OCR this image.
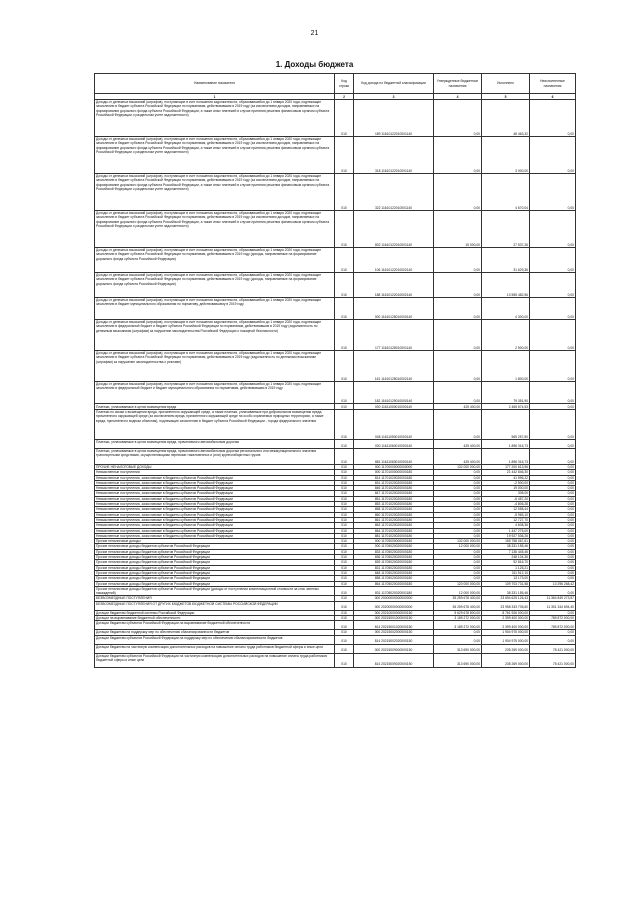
21
1. Доходы бюджета
Наименование показателя	Код строки	Код дохода по бюджетной классификации	Утвержденные бюджетные назначения	Исполнено	Неисполненные назначения
1	2	3	4	5	6
Доходы от денежных взысканий (штрафов), поступающие в счет погашения задолженности, образовавшейся до 1 января 2020 года, подлежащие зачислению в бюджет субъекта Российской Федерации по нормативам, действовавшим в 2019 году (за исключением доходов, направляемых на формирование дорожного фонда субъекта Российской Федерации, а также иных платежей в случае принятия решения финансовым органом субъекта Российской Федерации о раздельном учете задолженности)	010	189 11610122010001140	0,00	48 463,32	0,00
Доходы от денежных взысканий (штрафов), поступающие в счет погашения задолженности, образовавшейся до 1 января 2020 года, подлежащие зачислению в бюджет субъекта Российской Федерации по нормативам, действовавшим в 2019 году (за исключением доходов, направляемых на формирование дорожного фонда субъекта Российской Федерации, а также иных платежей в случае принятия решения финансовым органом субъекта Российской Федерации о раздельном учете задолженности)	010	318 11610122010001140	0,00	3 000,00	0,00
Доходы от денежных взысканий (штрафов), поступающие в счет погашения задолженности, образовавшейся до 1 января 2020 года, подлежащие зачислению в бюджет субъекта Российской Федерации по нормативам, действовавшим в 2019 году (за исключением доходов, направляемых на формирование дорожного фонда субъекта Российской Федерации, а также иных платежей в случае принятия решения финансовым органом субъекта Российской Федерации о раздельном учете задолженности)	010	322 11610122010001140	0,00	4 670,04	0,00
Доходы от денежных взысканий (штрафов), поступающие в счет погашения задолженности, образовавшейся до 1 января 2020 года, подлежащие зачислению в бюджет субъекта Российской Федерации по нормативам, действовавшим в 2019 году (за исключением доходов, направляемых на формирование дорожного фонда субъекта Российской Федерации, а также иных платежей в случае принятия решения финансовым органом субъекта Российской Федерации о раздельном учете задолженности)	010	802 11610122010001140	15 000,00	27 537,26	0,00
Доходы от денежных взысканий (штрафов), поступающие в счет погашения задолженности, образовавшейся до 1 января 2020 года, подлежащие зачислению в бюджет субъекта Российской Федерации по нормативам, действовавшим в 2019 году (доходы, направляемые на формирование дорожного фонда субъекта Российской Федерации)	010	106 11610122010002140	0,00	31 629,36	0,00
Доходы от денежных взысканий (штрафов), поступающие в счет погашения задолженности, образовавшейся до 1 января 2020 года, подлежащие зачислению в бюджет субъекта Российской Федерации по нормативам, действовавшим в 2019 году (доходы, направляемые на формирование дорожного фонда субъекта Российской Федерации)	010	188 11610122010002140	0,00	13 555 482,56	0,00
Доходы от денежных взысканий (штрафов), поступающие в счет погашения задолженности, образовавшейся до 1 января 2020 года, подлежащие зачислению в бюджет муниципального образования по нормативу, действовавшему в 2019 году	010	000 11610128010000140	0,00	4 300,00	0,00
Доходы от денежных взысканий (штрафов), поступающие в счет погашения задолженности, образовавшейся до 1 января 2020 года, подлежащие зачислению в федеральный бюджет и бюджет субъекта Российской Федерации по нормативам, действовавшим в 2019 году (задолженность по денежным взысканиям (штрафам) за нарушение законодательства Российской Федерации о пожарной безопасности)	010	177 11610128010001140	0,00	2 500,00	0,00
Доходы от денежных взысканий (штрафов), поступающие в счет погашения задолженности, образовавшейся до 1 января 2020 года, подлежащие зачислению в бюджет субъекта Российской Федерации по нормативам, действовавшим в 2019 году (задолженность по денежным взысканиям (штрафам) за нарушение законодательства о рекламе)	010	161 11610128010002140	0,00	1 800,00	0,00
Доходы от денежных взысканий (штрафов), поступающие в счет погашения задолженности, образовавшейся до 1 января 2020 года, подлежащие зачислению в федеральный бюджет и бюджет муниципального образования по нормативам, действовавшим в 2019 году	010	182 11610129010000140	0,00	79 351,90	0,00
Платежи, уплачиваемые в целях возмещения вреда	010	000 11611000010000140	425 400,00	2 465 574,53	0,00
Платежи по искам о возмещении вреда, причиненного окружающей среде, а также платежи, уплачиваемые при добровольном возмещении вреда, причиненного окружающей среде (за исключением вреда, причиненного окружающей среде на особо охраняемых природных территориях, а также вреда, причиненного водным объектам), подлежащие зачислению в бюджет субъекта Российской Федерации - города федерального значения	010	048 11611050010000140	0,00	569 257,80	0,00
Платежи, уплачиваемые в целях возмещения вреда, причиняемого автомобильным дорогам	010	000 11611060010000140	425 400,00	1 896 316,73	0,00
Платежи, уплачиваемые в целях возмещения вреда, причиняемого автомобильным дорогам регионального или межмуниципального значения транспортными средствами, осуществляющими перевозки тяжеловесных и (или) крупногабаритных грузов	010	881 11611063010000140	425 400,00	1 896 316,73	0,00
ПРОЧИЕ НЕНАЛОГОВЫЕ ДОХОДЫ	010	000 11700000000000000	132 000 000,00	177 200 613,96	0,00
Невыясненные поступления	010	000 11701000000000180	0,00	21 442 846,30	0,00
Невыясненные поступления, зачисляемые в бюджеты субъектов Российской Федерации	010	814 11701020020000180	0,00	41 596,22	0,00
Невыясненные поступления, зачисляемые в бюджеты субъектов Российской Федерации	010	831 11701020020000180	0,00	-2 500,00	0,00
Невыясненные поступления, зачисляемые в бюджеты субъектов Российской Федерации	010	846 11701020020000180	0,00	19 000,00	0,00
Невыясненные поступления, зачисляемые в бюджеты субъектов Российской Федерации	010	847 11701020020000180	0,00	305,00	0,00
Невыясненные поступления, зачисляемые в бюджеты субъектов Российской Федерации	010	851 11701020020000180	0,00	-6 457,20	0,00
Невыясненные поступления, зачисляемые в бюджеты субъектов Российской Федерации	010	853 11701020020000180	0,00	-4 806,28	0,00
Невыясненные поступления, зачисляемые в бюджеты субъектов Российской Федерации	010	858 11701020020000180	0,00	12 058,44	0,00
Невыясненные поступления, зачисляемые в бюджеты субъектов Российской Федерации	010	860 11701020020000180	0,00	-5 965,10	0,00
Невыясненные поступления, зачисляемые в бюджеты субъектов Российской Федерации	010	861 11701020020000180	0,00	12 727,70	0,00
Невыясненные поступления, зачисляемые в бюджеты субъектов Российской Федерации	010	863 11701020020000180	0,00	4 608,36	0,00
Невыясненные поступления, зачисляемые в бюджеты субъектов Российской Федерации	010	864 11701020020000180	0,00	1 447 275,00	0,00
Невыясненные поступления, зачисляемые в бюджеты субъектов Российской Федерации	010	881 11701020020000180	0,00	19 927 536,26	0,00
Прочие неналоговые доходы	010	000 11705000000000180	132 000 000,00	155 758 067,61	0,00
Прочие неналоговые доходы бюджетов субъектов Российской Федерации	010	000 11705020020000180	12 000 000,00	38 331 155,46	0,00
Прочие неналоговые доходы бюджетов субъектов Российской Федерации	010	833 11705020020000180	0,00	7 136 445,46	0,00
Прочие неналоговые доходы бюджетов субъектов Российской Федерации	010	836 11705020020000180	0,00	248 104,36	0,00
Прочие неналоговые доходы бюджетов субъектов Российской Федерации	010	839 11705020020000180	0,00	92 816,70	0,00
Прочие неналоговые доходы бюджетов субъектов Российской Федерации	010	831 11705020020000180	0,00	1 125,21	0,00
Прочие неналоговые доходы бюджетов субъектов Российской Федерации	010	848 11705020020000180	0,00	311 512,10	0,00
Прочие неналоговые доходы бюджетов субъектов Российской Федерации	010	858 11705020020000180	0,00	13 173,00	0,00
Прочие неналоговые доходы бюджетов субъектов Российской Федерации	010	864 11705020020000180	120 000 000,00	109 703 731,58	10 296 268,42
Прочие неналоговые доходы бюджетов субъектов Российской Федерации (доходы от поступлении компенсационной стоимости за снос зеленых насаждений)	010	831 11705020020001180	12 000 000,00	38 331 155,46	0,00
БЕЗВОЗМЕЗДНЫЕ ПОСТУПЛЕНИЯ	010	000 20000000000000000	35 259 678 400,00	23 694 625 126,43	11 364 849 273,57
БЕЗВОЗМЕЗДНЫЕ ПОСТУПЛЕНИЯ ОТ ДРУГИХ БЮДЖЕТОВ БЮДЖЕТНОЙ СИСТЕМЫ РОССИЙСКОЙ ФЕДЕРАЦИИ	010	000 20200000000000000	35 259 678 400,00	23 958 333 705,60	11 301 344 694,40
Дотации бюджетам бюджетной системы Российской Федерации	010	000 20210000000000150	5 629 678 800,00	8 761 926 000,00	0,00
Дотации на выравнивание бюджетной обеспеченности	010	000 20215001000000150	3 189 272 000,00	2 399 400 000,00	789 872 000,00
Дотации бюджетам субъектов Российской Федерации на выравнивание бюджетной обеспеченности	010	814 20215001020000150	3 189 272 000,00	2 399 400 000,00	789 872 000,00
Дотации бюджетам на поддержку мер по обеспечению сбалансированности бюджетов	010	000 20215002000000150	0,00	1 904 975 000,00	0,00
Дотации бюджетам субъектов Российской Федерации на поддержку мер по обеспечению сбалансированности бюджетов	010	814 20215002020000150	0,00	1 904 975 000,00	0,00
Дотации бюджетам на частичную компенсацию дополнительных расходов на повышение оплаты труда работников бюджетной сферы и иные цели	010	000 20215009000000150	313 690 000,00	235 269 000,00	78 421 000,00
Дотации бюджетам субъектов Российской Федерации на частичную компенсацию дополнительных расходов на повышение оплаты труда работников бюджетной сферы и иные цели	010	814 20215009020000150	313 690 000,00	235 269 000,00	78 421 000,00
